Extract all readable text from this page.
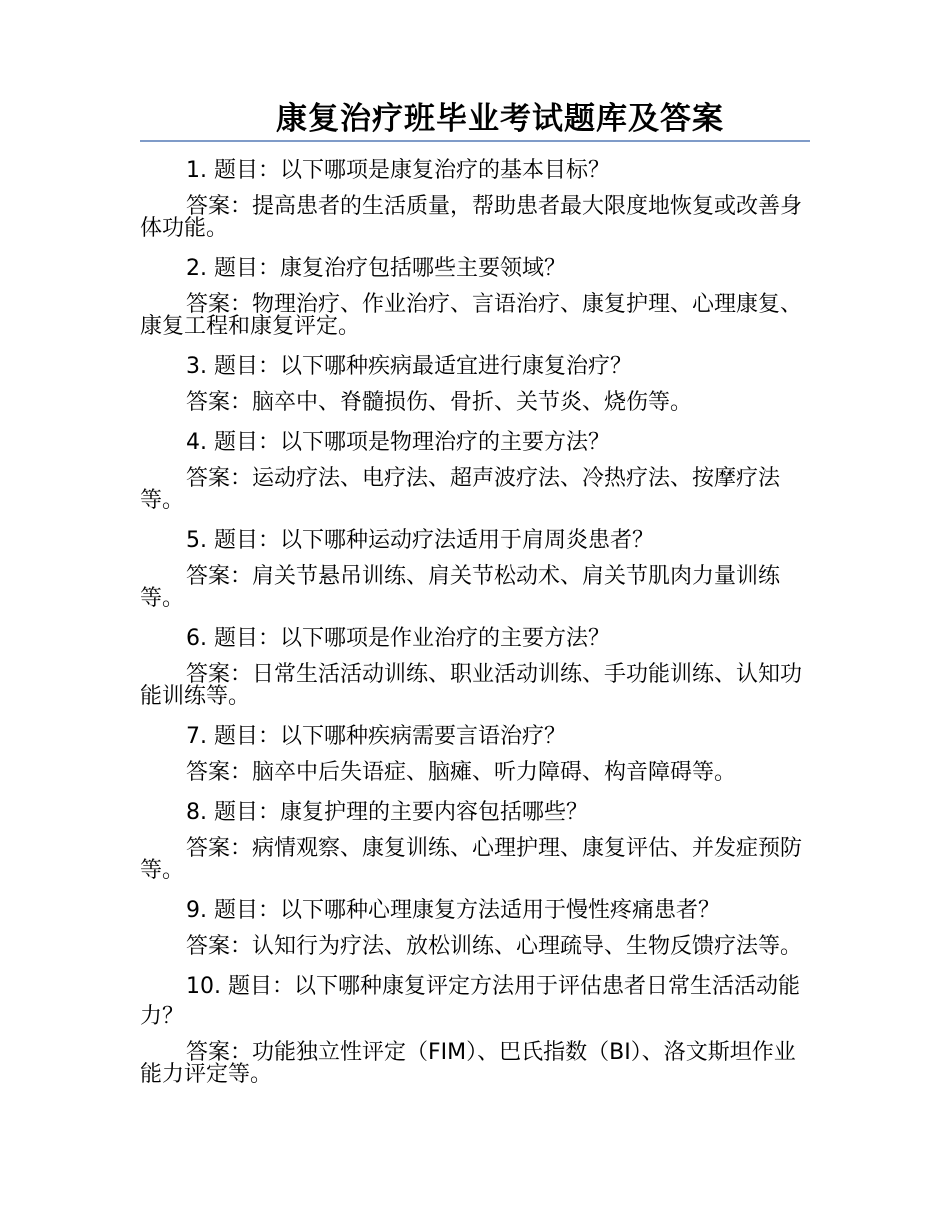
康复治疗班毕业考试题库及答案

1. 题目：以下哪项是康复治疗的基本目标？

答案：提高患者的生活质量，帮助患者最大限度地恢复或改善身体功能。

2. 题目：康复治疗包括哪些主要领域？

答案：物理治疗、作业治疗、言语治疗、康复护理、心理康复、康复工程和康复评定。

3. 题目：以下哪种疾病最适宜进行康复治疗？

答案：脑卒中、脊髓损伤、骨折、关节炎、烧伤等。

4. 题目：以下哪项是物理治疗的主要方法？

答案：运动疗法、电疗法、超声波疗法、冷热疗法、按摩疗法等。

5. 题目：以下哪种运动疗法适用于肩周炎患者？

答案：肩关节悬吊训练、肩关节松动术、肩关节肌肉力量训练等。

6. 题目：以下哪项是作业治疗的主要方法？

答案：日常生活活动训练、职业活动训练、手功能训练、认知功能训练等。

7. 题目：以下哪种疾病需要言语治疗？

答案：脑卒中后失语症、脑瘫、听力障碍、构音障碍等。

8. 题目：康复护理的主要内容包括哪些？

答案：病情观察、康复训练、心理护理、康复评估、并发症预防等。

9. 题目：以下哪种心理康复方法适用于慢性疼痛患者？

答案：认知行为疗法、放松训练、心理疏导、生物反馈疗法等。

10. 题目：以下哪种康复评定方法用于评估患者日常生活活动能力？

答案：功能独立性评定（FIM）、巴氏指数（BI）、洛文斯坦作业能力评定等。
